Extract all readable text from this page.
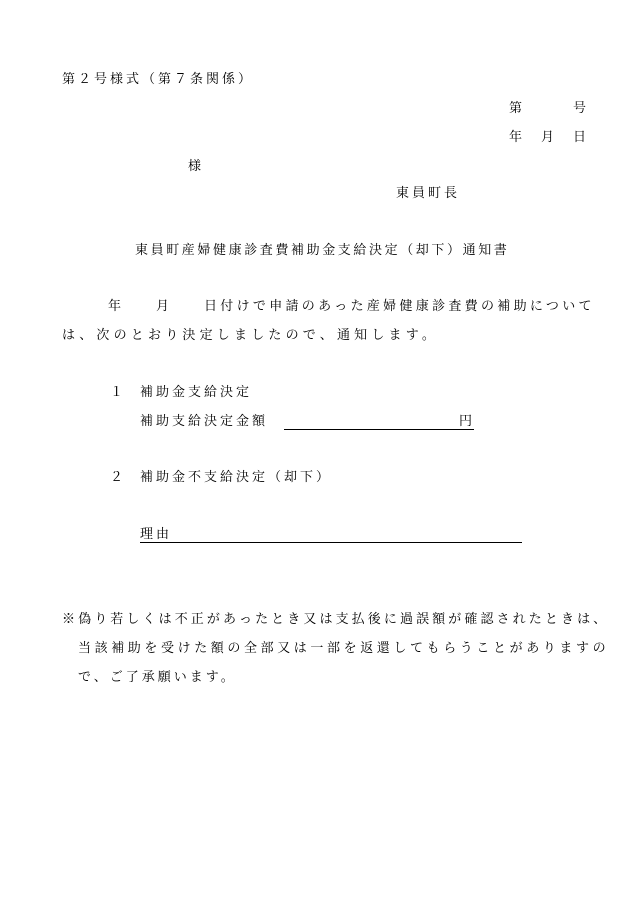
第２号様式（第７条関係）
第	号
年 月 日
様
東員町長
東員町産婦健康診査費補助金支給決定（却下）通知書
年 月 日付けで申請のあった産婦健康診査費の補助について
は、次のとおり決定しましたので、通知します。
１ 補助金支給決定
補助支給決定金額	円
２ 補助金不支給決定（却下）
理由
※偽り若しくは不正があったとき又は支払後に過誤額が確認されたときは、
当該補助を受けた額の全部又は一部を返還してもらうことがありますの
で、ご了承願います。
